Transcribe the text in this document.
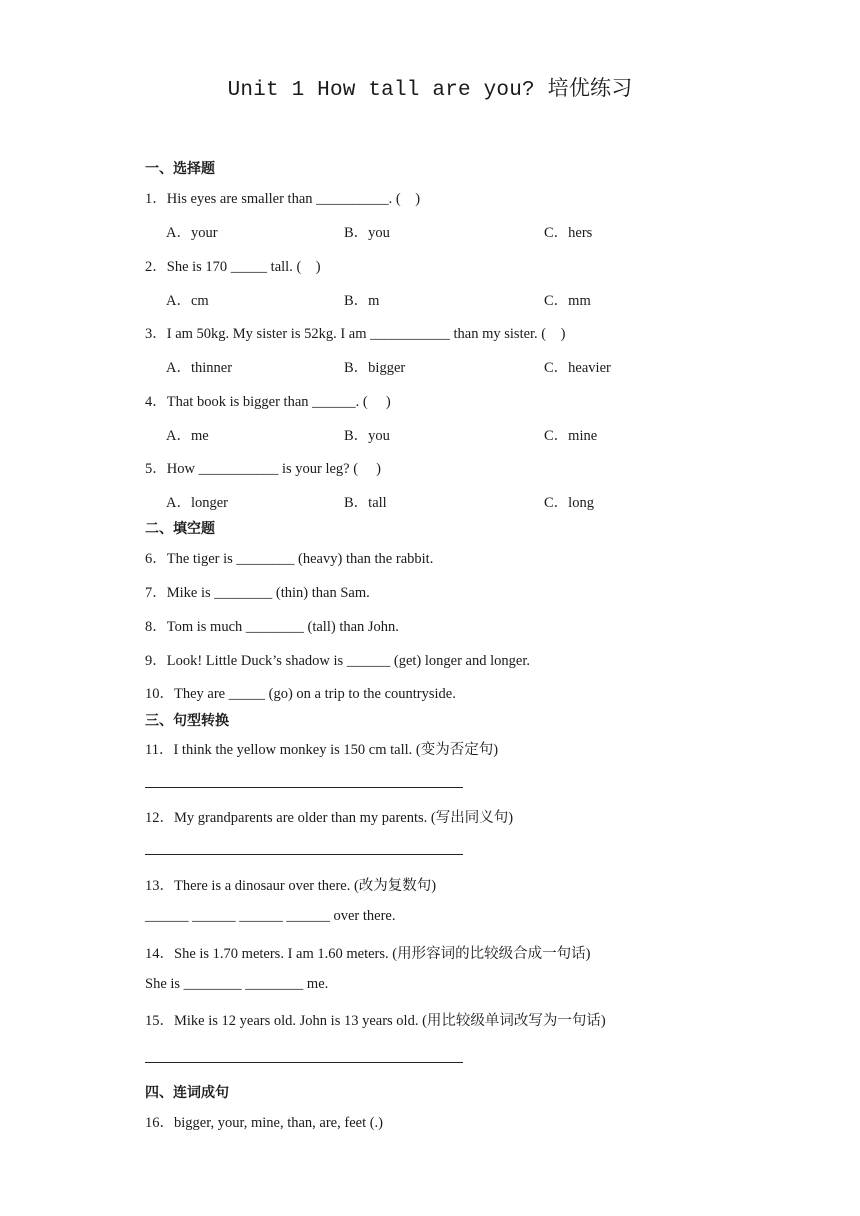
Unit 1 How tall are you? 培优练习
一、选择题
1．His eyes are smaller than __________. (　)
A．your	B．you	C．hers
2．She is 170 _____ tall. (　)
A．cm	B．m	C．mm
3．I am 50kg. My sister is 52kg. I am ___________ than my sister. (　)
A．thinner	B．bigger	C．heavier
4．That book is bigger than ______. (　 )
A．me	B．you	C．mine
5．How ___________ is your leg? (　 )
A．longer	B．tall	C．long
二、填空题
6．The tiger is ________ (heavy) than the rabbit.
7．Mike is ________ (thin) than Sam.
8．Tom is much ________ (tall) than John.
9．Look! Little Duck’s shadow is ______ (get) longer and longer.
10．They are _____ (go) on a trip to the countryside.
三、句型转换
11．I think the yellow monkey is 150 cm tall. (变为否定句)
12．My grandparents are older than my parents. (写出同义句)
13．There is a dinosaur over there. (改为复数句)
______ ______ ______ ______ over there.
14．She is 1.70 meters. I am 1.60 meters. (用形容词的比较级合成一句话)
She is ________ ________ me.
15．Mike is 12 years old. John is 13 years old. (用比较级单词改写为一句话)
四、连词成句
16．bigger, your, mine, than, are, feet (.)
